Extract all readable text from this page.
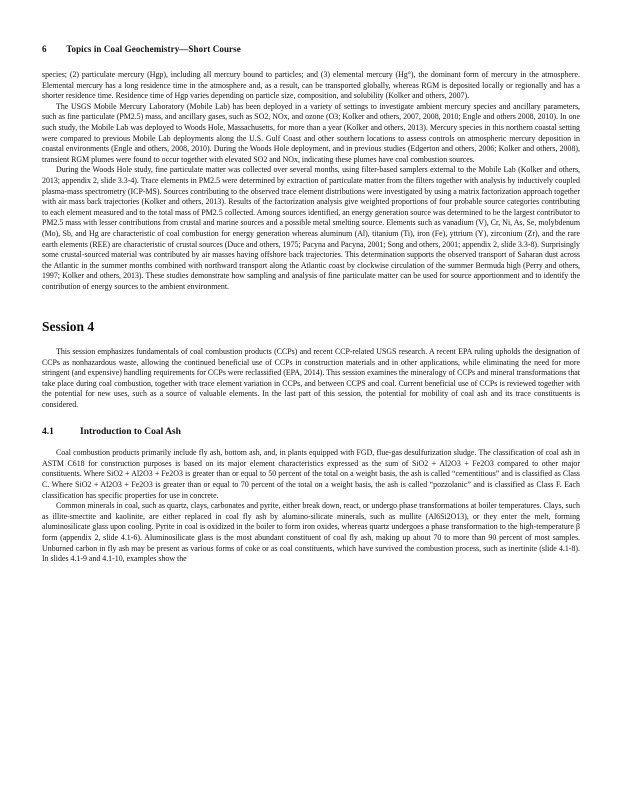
6 Topics in Coal Geochemistry—Short Course

species; (2) particulate mercury (Hgp), including all mercury bound to particles; and (3) elemental mercury (Hg°), the dominant form of mercury in the atmosphere. Elemental mercury has a long residence time in the atmosphere and, as a result, can be transported globally, whereas RGM is deposited locally or regionally and has a shorter residence time. Residence time of Hgp varies depending on particle size, composition, and solubility (Kolker and others, 2007).

The USGS Mobile Mercury Laboratory (Mobile Lab) has been deployed in a variety of settings to investigate ambient mercury species and ancillary parameters, such as fine particulate (PM2.5) mass, and ancillary gases, such as SO2, NOx, and ozone (O3; Kolker and others, 2007, 2008, 2010; Engle and others 2008, 2010). In one such study, the Mobile Lab was deployed to Woods Hole, Massachusetts, for more than a year (Kolker and others, 2013). Mercury species in this northern coastal setting were compared to previous Mobile Lab deployments along the U.S. Gulf Coast and other southern locations to assess controls on atmospheric mercury deposition in coastal environments (Engle and others, 2008, 2010). During the Woods Hole deployment, and in previous studies (Edgerton and others, 2006; Kolker and others, 2008), transient RGM plumes were found to occur together with elevated SO2 and NOx, indicating these plumes have coal combustion sources.

During the Woods Hole study, fine particulate matter was collected over several months, using filter-based samplers external to the Mobile Lab (Kolker and others, 2013; appendix 2, slide 3.3-4). Trace elements in PM2.5 were determined by extraction of particulate matter from the filters together with analysis by inductively coupled plasma-mass spectrometry (ICP-MS). Sources contributing to the observed trace element distributions were investigated by using a matrix factorization approach together with air mass back trajectories (Kolker and others, 2013). Results of the factorization analysis give weighted proportions of four probable source categories contributing to each element measured and to the total mass of PM2.5 collected. Among sources identified, an energy generation source was determined to be the largest contributor to PM2.5 mass with lesser contributions from crustal and marine sources and a possible metal smelting source. Elements such as vanadium (V), Cr, Ni, As, Se, molybdenum (Mo), Sb, and Hg are characteristic of coal combustion for energy generation whereas aluminum (Al), titanium (Ti), iron (Fe), yttrium (Y), zirconium (Zr), and the rare earth elements (REE) are characteristic of crustal sources (Duce and others, 1975; Pacyna and Pacyna, 2001; Song and others, 2001; appendix 2, slide 3.3-8). Surprisingly some crustal-sourced material was contributed by air masses having offshore back trajectories. This determination supports the observed transport of Saharan dust across the Atlantic in the summer months combined with northward transport along the Atlantic coast by clockwise circulation of the summer Bermuda high (Perry and others, 1997; Kolker and others, 2013). These studies demonstrate how sampling and analysis of fine particulate matter can be used for source apportionment and to identify the contribution of energy sources to the ambient environment.

Session 4

This session emphasizes fundamentals of coal combustion products (CCPs) and recent CCP-related USGS research. A recent EPA ruling upholds the designation of CCPs as nonhazardous waste, allowing the continued beneficial use of CCPs in construction materials and in other applications, while eliminating the need for more stringent (and expensive) handling requirements for CCPs were reclassified (EPA, 2014). This session examines the mineralogy of CCPs and mineral transformations that take place during coal combustion, together with trace element variation in CCPs, and between CCPS and coal. Current beneficial use of CCPs is reviewed together with the potential for new uses, such as a source of valuable elements. In the last part of this session, the potential for mobility of coal ash and its trace constituents is considered.

4.1	Introduction to Coal Ash

Coal combustion products primarily include fly ash, bottom ash, and, in plants equipped with FGD, flue-gas desulfurization sludge. The classification of coal ash in ASTM C618 for construction purposes is based on its major element characteristics expressed as the sum of SiO2 + Al2O3 + Fe2O3 compared to other major constituents. Where SiO2 + Al2O3 + Fe2O3 is greater than or equal to 50 percent of the total on a weight basis, the ash is called “cementitious” and is classified as Class C. Where SiO2 + Al2O3 + Fe2O3 is greater than or equal to 70 percent of the total on a weight basis, the ash is called “pozzolanic” and is classified as Class F. Each classification has specific properties for use in concrete.

Common minerals in coal, such as quartz, clays, carbonates and pyrite, either break down, react, or undergo phase transformations at boiler temperatures. Clays, such as illite-smectite and kaolinite, are either replaced in coal fly ash by alumino-silicate minerals, such as mullite (Al6Si2O13), or they enter the melt, forming aluminosilicate glass upon cooling. Pyrite in coal is oxidized in the boiler to form iron oxides, whereas quartz undergoes a phase transformation to the high-temperature β form (appendix 2, slide 4.1-6). Aluminosilicate glass is the most abundant constituent of coal fly ash, making up about 70 to more than 90 percent of most samples. Unburned carbon in fly ash may be present as various forms of coke or as coal constituents, which have survived the combustion process, such as inertinite (slide 4.1-8). In slides 4.1-9 and 4.1-10, examples show the
